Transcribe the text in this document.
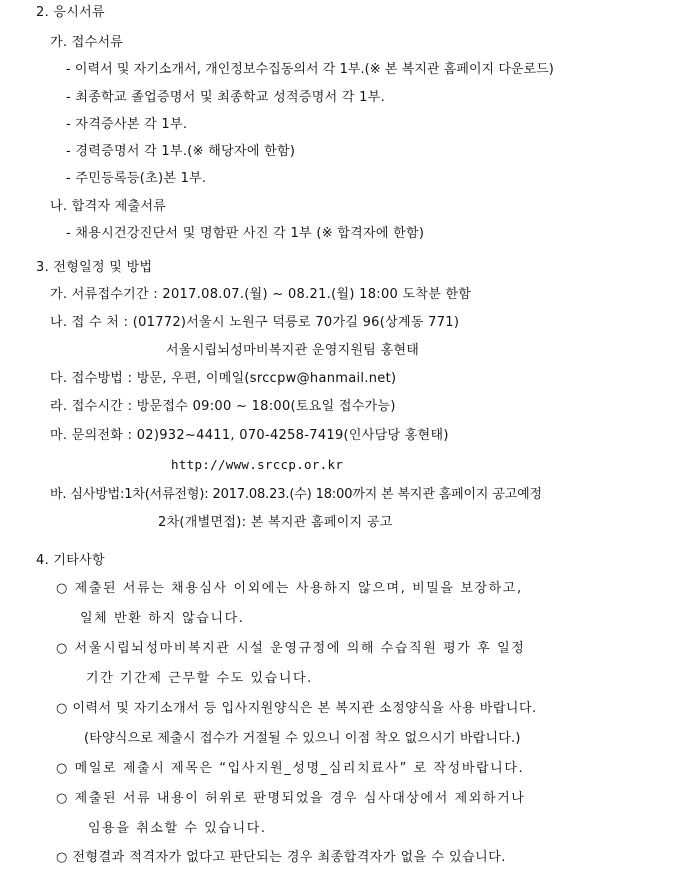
2. 응시서류
가. 접수서류
- 이력서 및 자기소개서, 개인정보수집동의서 각 1부.(※ 본 복지관 홈페이지 다운로드)
- 최종학교 졸업증명서 및 최종학교 성적증명서 각 1부.
- 자격증사본 각 1부.
- 경력증명서 각 1부.(※ 해당자에 한함)
- 주민등록등(초)본 1부.
나. 합격자 제출서류
- 채용시건강진단서 및 명함판 사진 각 1부 (※ 합격자에 한함)
3. 전형일정 및 방법
가. 서류접수기간 : 2017.08.07.(월) ~ 08.21.(월) 18:00 도착분 한함
나. 접 수 처 : (01772)서울시 노원구 덕릉로 70가길 96(상계동 771)
서울시립뇌성마비복지관 운영지원팀 홍현태
다. 접수방법 : 방문, 우편, 이메일(srccpw@hanmail.net)
라. 접수시간 : 방문접수 09:00 ~ 18:00(토요일 접수가능)
마. 문의전화 : 02)932~4411, 070-4258-7419(인사담당 홍현태)
http://www.srccp.or.kr
바. 심사방법:1차(서류전형): 2017.08.23.(수) 18:00까지 본 복지관 홈페이지 공고예정
2차(개별면접): 본 복지관 홈페이지 공고
4. 기타사항
○ 제출된 서류는 채용심사 이외에는 사용하지 않으며, 비밀을 보장하고,
일체 반환 하지 않습니다.
○ 서울시립뇌성마비복지관 시설 운영규정에 의해 수습직원 평가 후 일정
기간 기간제 근무할 수도 있습니다.
○ 이력서 및 자기소개서 등 입사지원양식은 본 복지관 소정양식을 사용 바랍니다.
(타양식으로 제출시 접수가 거절될 수 있으니 이점 착오 없으시기 바랍니다.)
○ 메일로 제출시 제목은 “입사지원_성명_심리치료사” 로 작성바랍니다.
○ 제출된 서류 내용이 허위로 판명되었을 경우 심사대상에서 제외하거나
임용을 취소할 수 있습니다.
○ 전형결과 적격자가 없다고 판단되는 경우 최종합격자가 없을 수 있습니다.
